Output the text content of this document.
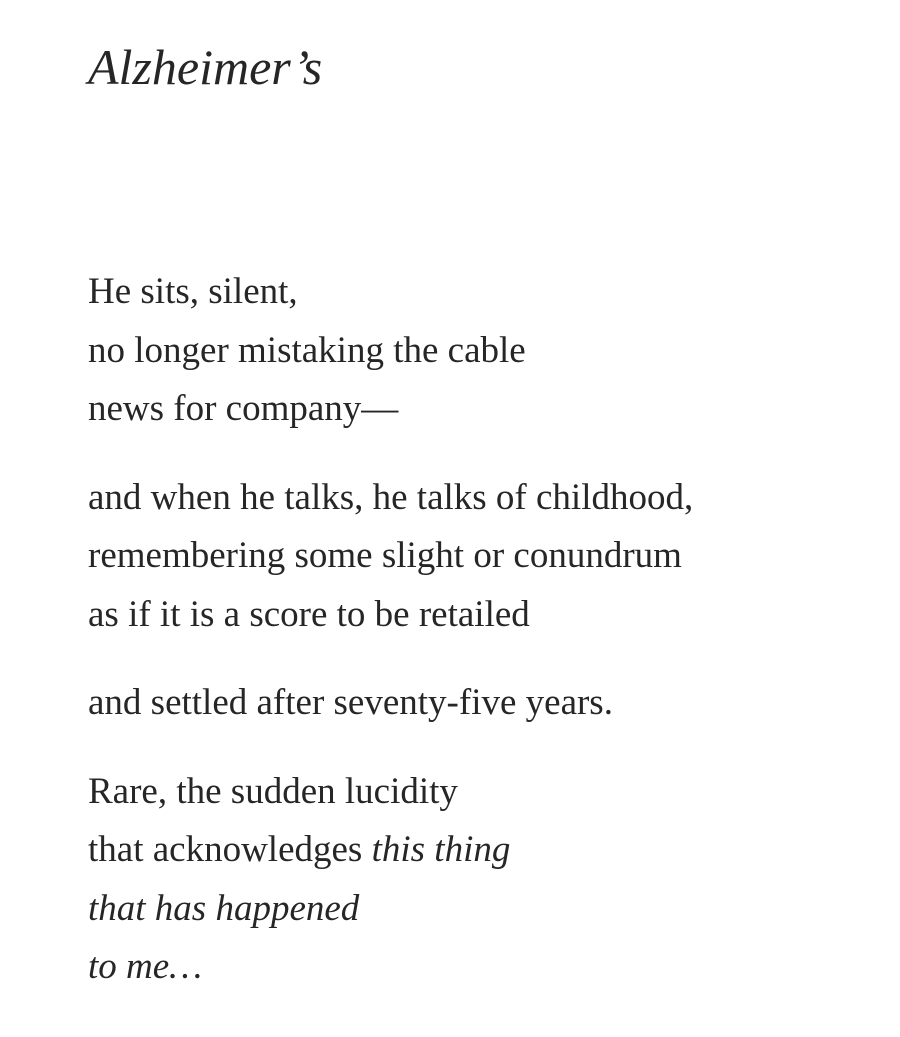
Alzheimer’s
He sits, silent,
no longer mistaking the cable
news for company—
and when he talks, he talks of childhood,
remembering some slight or conundrum
as if it is a score to be retailed
and settled after seventy-five years.
Rare, the sudden lucidity
that acknowledges this thing
that has happened
to me…
